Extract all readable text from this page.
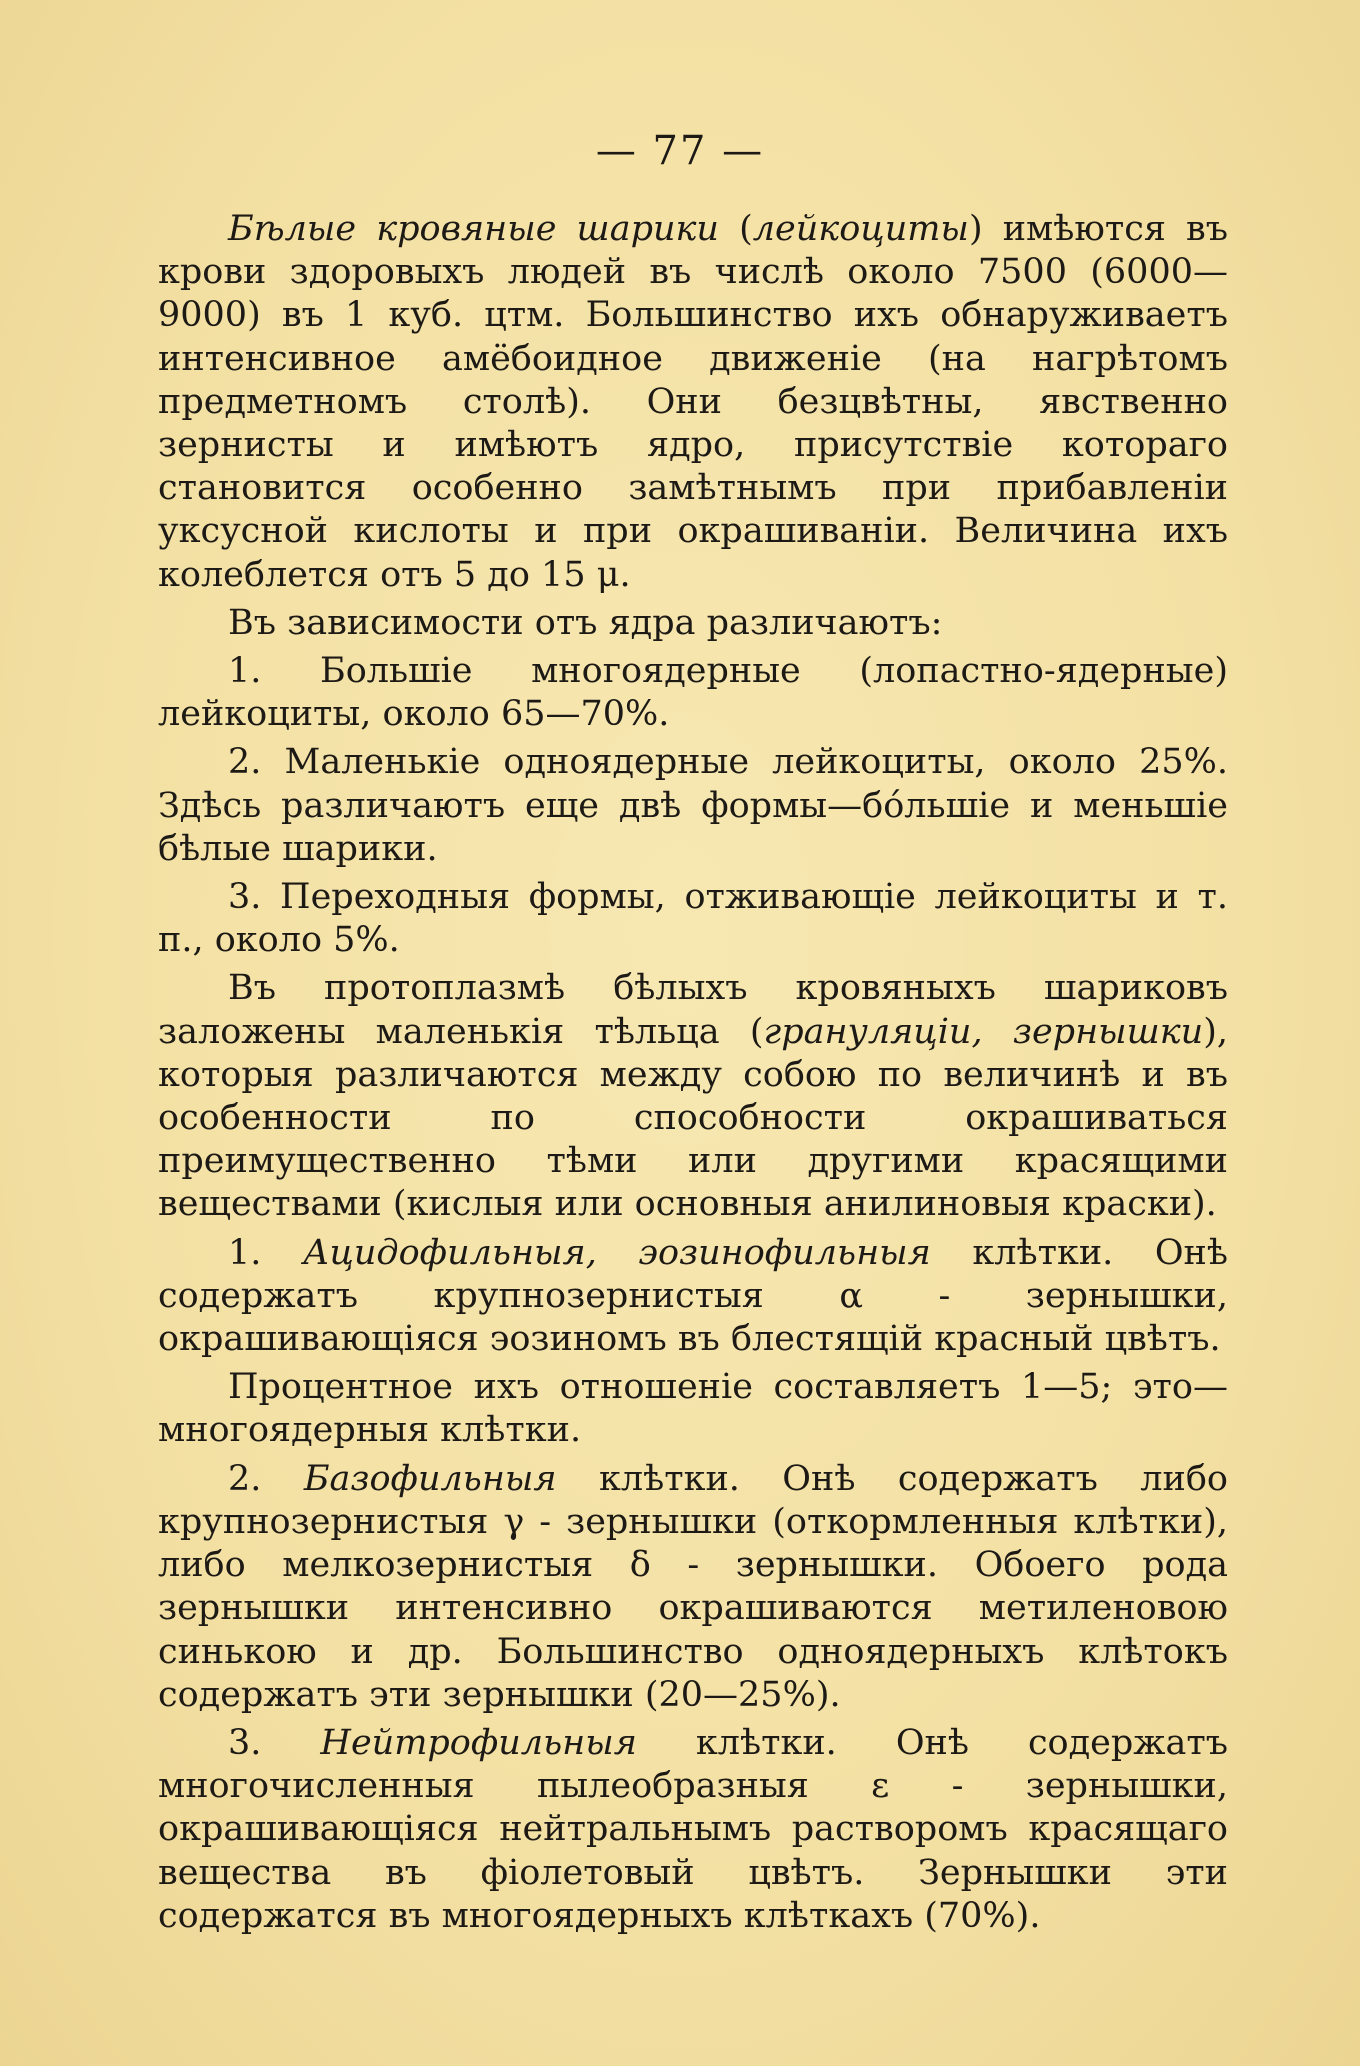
— 77 —

Бѣлые кровяные шарики (лейкоциты) имѣются въ крови здоровыхъ людей въ числѣ около 7500 (6000—9000) въ 1 куб. цтм. Большинство ихъ обнаруживаетъ интенсивное амёбоидное движеніе (на нагрѣтомъ предметномъ столѣ). Они безцвѣтны, явственно зернисты и имѣютъ ядро, присутствіе котораго становится особенно замѣтнымъ при прибавленіи уксусной кислоты и при окрашиваніи. Величина ихъ колеблется отъ 5 до 15 μ.

Въ зависимости отъ ядра различаютъ:

1. Большіе многоядерные (лопастно-ядерные) лейкоциты, около 65—70%.

2. Маленькіе одноядерные лейкоциты, около 25%. Здѣсь различаютъ еще двѣ формы—бóльшіе и меньшіе бѣлые шарики.

3. Переходныя формы, отживающіе лейкоциты и т. п., около 5%.

Въ протоплазмѣ бѣлыхъ кровяныхъ шариковъ заложены маленькія тѣльца (грануляціи, зернышки), которыя различаются между собою по величинѣ и въ особенности по способности окрашиваться преимущественно тѣми или другими красящими веществами (кислыя или основныя анилиновыя краски).

1. Ацидофильныя, эозинофильныя клѣтки. Онѣ содержатъ крупнозернистыя α - зернышки, окрашивающіяся эозиномъ въ блестящій красный цвѣтъ.

Процентное ихъ отношеніе составляетъ 1—5; это—многоядерныя клѣтки.

2. Базофильныя клѣтки. Онѣ содержатъ либо крупнозернистыя γ - зернышки (откормленныя клѣтки), либо мелкозернистыя δ - зернышки. Обоего рода зернышки интенсивно окрашиваются метиленовою синькою и др. Большинство одноядерныхъ клѣтокъ содержатъ эти зернышки (20—25%).

3. Нейтрофильныя клѣтки. Онѣ содержатъ многочисленныя пылеобразныя ε - зернышки, окрашивающіяся нейтральнымъ растворомъ красящаго вещества въ фіолетовый цвѣтъ. Зернышки эти содержатся въ многоядерныхъ клѣткахъ (70%).
